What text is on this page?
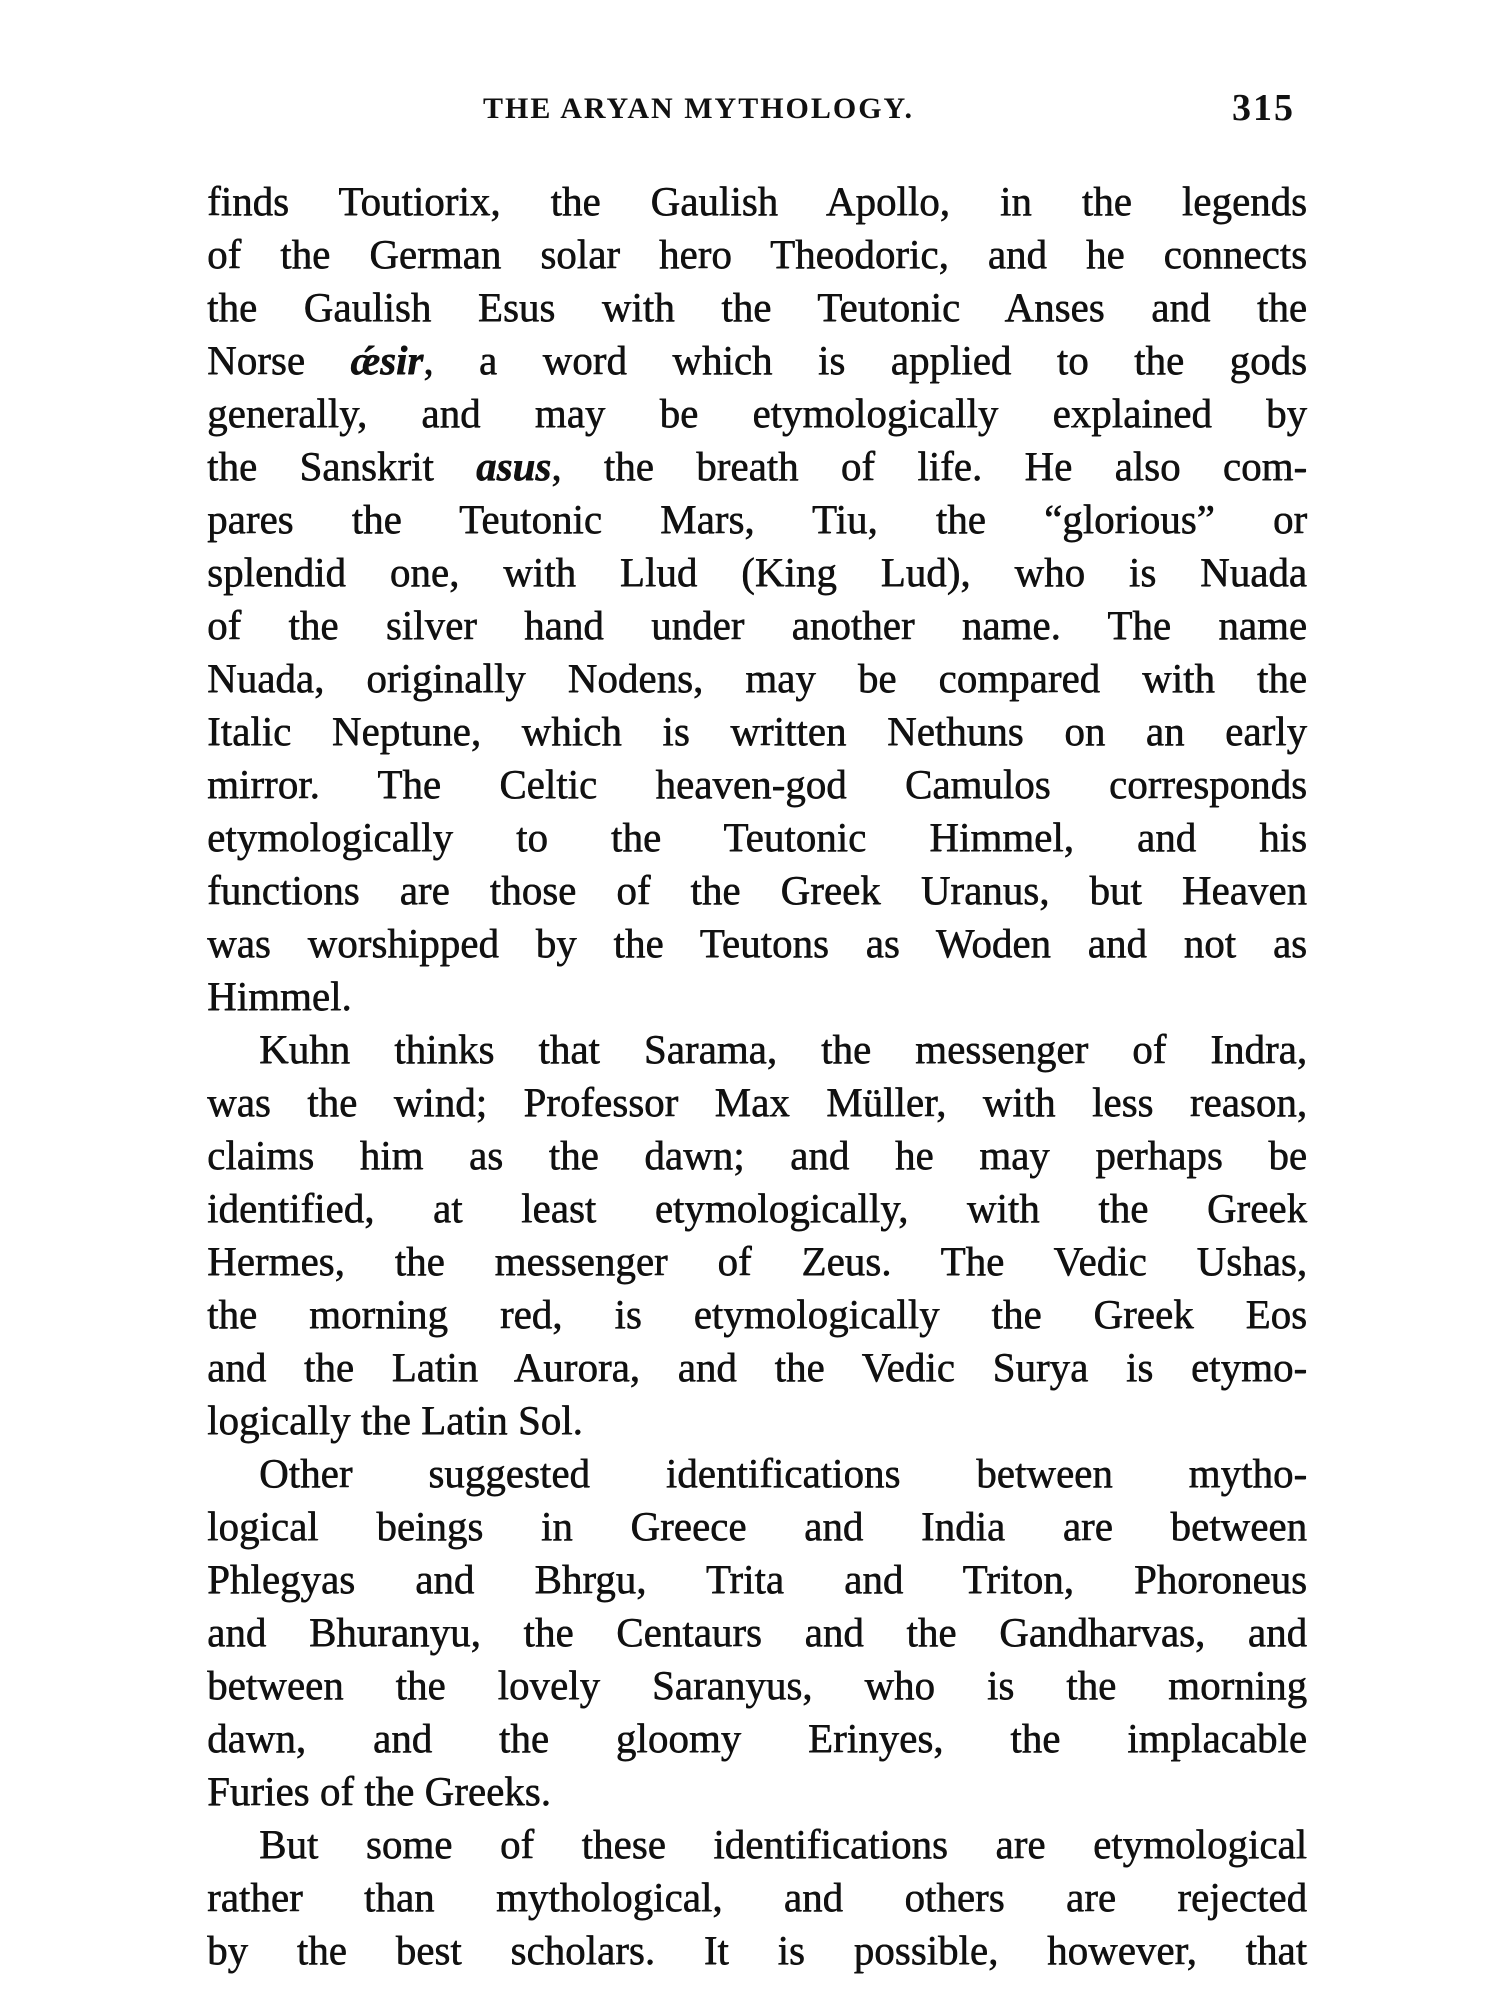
THE ARYAN MYTHOLOGY.	315
finds Toutiorix, the Gaulish Apollo, in the legends
of the German solar hero Theodoric, and he connects
the Gaulish Esus with the Teutonic Anses and the
Norse ǽsir, a word which is applied to the gods
generally, and may be etymologically explained by
the Sanskrit asus, the breath of life. He also com-
pares the Teutonic Mars, Tiu, the “glorious” or
splendid one, with Llud (King Lud), who is Nuada
of the silver hand under another name. The name
Nuada, originally Nodens, may be compared with the
Italic Neptune, which is written Nethuns on an early
mirror. The Celtic heaven-god Camulos corresponds
etymologically to the Teutonic Himmel, and his
functions are those of the Greek Uranus, but Heaven
was worshipped by the Teutons as Woden and not as
Himmel.
Kuhn thinks that Sarama, the messenger of Indra,
was the wind; Professor Max Müller, with less reason,
claims him as the dawn; and he may perhaps be
identified, at least etymologically, with the Greek
Hermes, the messenger of Zeus. The Vedic Ushas,
the morning red, is etymologically the Greek Eos
and the Latin Aurora, and the Vedic Surya is etymo-
logically the Latin Sol.
Other suggested identifications between mytho-
logical beings in Greece and India are between
Phlegyas and Bhrgu, Trita and Triton, Phoroneus
and Bhuranyu, the Centaurs and the Gandharvas, and
between the lovely Saranyus, who is the morning
dawn, and the gloomy Erinyes, the implacable
Furies of the Greeks.
But some of these identifications are etymological
rather than mythological, and others are rejected
by the best scholars. It is possible, however, that
